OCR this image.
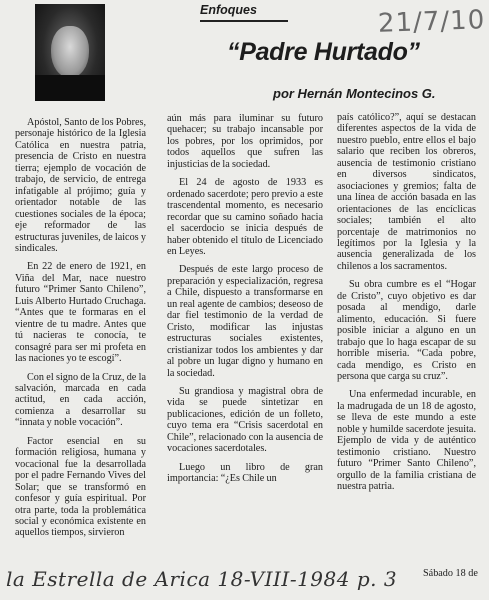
Enfoques	21/7/10
“Padre Hurtado”
por Hernán Montecinos G.

Apóstol, Santo de los Pobres, personaje histórico de la Iglesia Católica en nuestra patria, presencia de Cristo en nuestra tierra; ejemplo de vocación de trabajo, de servicio, de entrega infatigable al prójimo; guía y orientador notable de las cuestiones sociales de la época; eje reformador de las estructuras juveniles, de laicos y sindicales.

En 22 de enero de 1921, en Viña del Mar, nace nuestro futuro “Primer Santo Chileno”, Luis Alberto Hurtado Cruchaga. “Antes que te formaras en el vientre de tu madre. Antes que tú nacieras te conocía, te consagré para ser mi profeta en las naciones yo te escogí”.

Con el signo de la Cruz, de la salvación, marcada en cada actitud, en cada acción, comienza a desarrollar su “innata y noble vocación”.

Factor esencial en su formación religiosa, humana y vocacional fue la desarrollada por el padre Fernando Vives del Solar; que se transformó en confesor y guía espiritual. Por otra parte, toda la problemática social y económica existente en aquellos tiempos, sirvieron

aún más para iluminar su futuro quehacer; su trabajo incansable por los pobres, por los oprimidos, por todos aquellos que sufren las injusticias de la sociedad.

El 24 de agosto de 1933 es ordenado sacerdote; pero previo a este trascendental momento, es necesario recordar que su camino soñado hacia el sacerdocio se inicia después de haber obtenido el título de Licenciado en Leyes.

Después de este largo proceso de preparación y especialización, regresa a Chile, dispuesto a transformarse en un real agente de cambios; deseoso de dar fiel testimonio de la verdad de Cristo, modificar las injustas estructuras sociales existentes, cristianizar todos los ambientes y dar al pobre un lugar digno y humano en la sociedad.

Su grandiosa y magistral obra de vida se puede sintetizar en publicaciones, edición de un folleto, cuyo tema era “Crisis sacerdotal en Chile”, relacionado con la ausencia de vocaciones sacerdotales.

Luego un libro de gran importancia: “¿Es Chile un

país católico?”, aquí se destacan diferentes aspectos de la vida de nuestro pueblo, entre ellos el bajo salario que reciben los obreros, ausencia de testimonio cristiano en diversos sindicatos, asociaciones y gremios; falta de una línea de acción basada en las orientaciones de las encíclicas sociales; también el alto porcentaje de matrimonios no legítimos por la Iglesia y la ausencia generalizada de los chilenos a los sacramentos.

Su obra cumbre es el “Hogar de Cristo”, cuyo objetivo es dar posada al mendigo, darle alimento, educación. Si fuere posible iniciar a alguno en un trabajo que lo haga escapar de su horrible miseria. “Cada pobre, cada mendigo, es Cristo en persona que carga su cruz”.

Una enfermedad incurable, en la madrugada de un 18 de agosto, se lleva de este mundo a este noble y humilde sacerdote jesuita. Ejemplo de vida y de auténtico testimonio cristiano. Nuestro futuro “Primer Santo Chileno”, orgullo de la familia cristiana de nuestra patria.

la Estrella de Arica 18-VIII-1984 p. 3	Sábado 18 de
